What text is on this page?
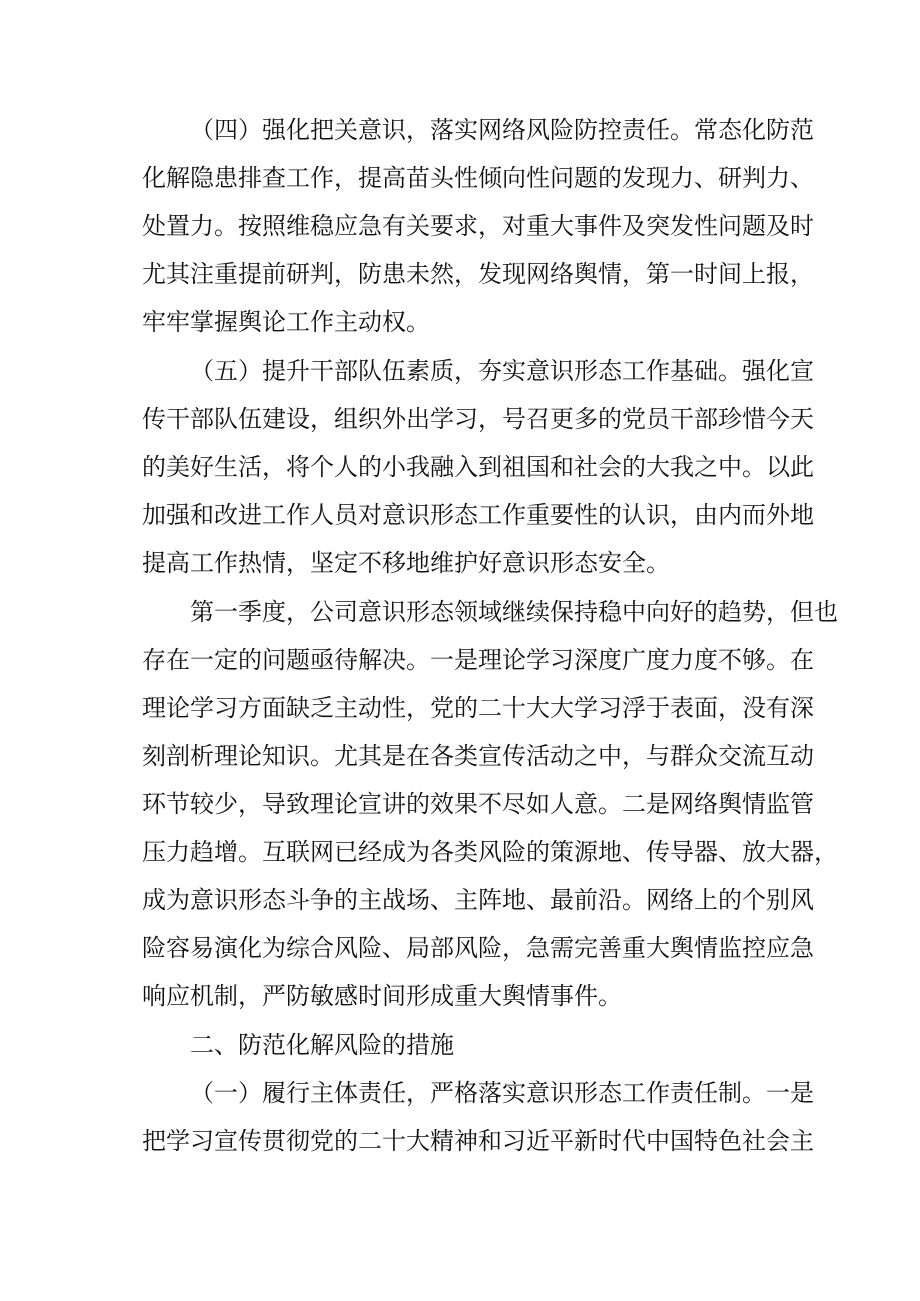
（四）强化把关意识，落实网络风险防控责任。常态化防范
化解隐患排查工作，提高苗头性倾向性问题的发现力、研判力、
处置力。按照维稳应急有关要求，对重大事件及突发性问题及时
尤其注重提前研判，防患未然，发现网络舆情，第一时间上报，
牢牢掌握舆论工作主动权。
（五）提升干部队伍素质，夯实意识形态工作基础。强化宣
传干部队伍建设，组织外出学习，号召更多的党员干部珍惜今天
的美好生活，将个人的小我融入到祖国和社会的大我之中。以此
加强和改进工作人员对意识形态工作重要性的认识，由内而外地
提高工作热情，坚定不移地维护好意识形态安全。
第一季度，公司意识形态领域继续保持稳中向好的趋势，但也
存在一定的问题亟待解决。一是理论学习深度广度力度不够。在
理论学习方面缺乏主动性，党的二十大大学习浮于表面，没有深
刻剖析理论知识。尤其是在各类宣传活动之中，与群众交流互动
环节较少，导致理论宣讲的效果不尽如人意。二是网络舆情监管
压力趋增。互联网已经成为各类风险的策源地、传导器、放大器，
成为意识形态斗争的主战场、主阵地、最前沿。网络上的个别风
险容易演化为综合风险、局部风险，急需完善重大舆情监控应急
响应机制，严防敏感时间形成重大舆情事件。
二、防范化解风险的措施
（一）履行主体责任，严格落实意识形态工作责任制。一是
把学习宣传贯彻党的二十大精神和习近平新时代中国特色社会主
